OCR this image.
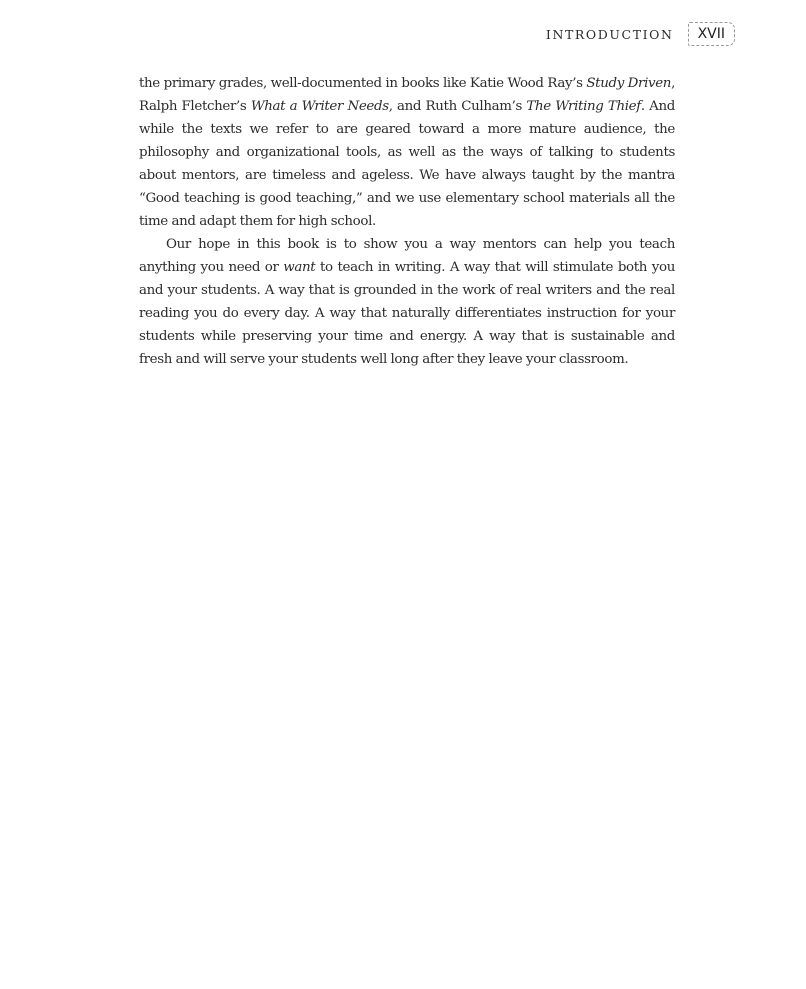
INTRODUCTION	XVII

the primary grades, well-documented in books like Katie Wood Ray’s Study Driven, Ralph Fletcher’s What a Writer Needs, and Ruth Culham’s The Writing Thief. And while the texts we refer to are geared toward a more mature audience, the philosophy and organizational tools, as well as the ways of talking to students about mentors, are timeless and ageless. We have always taught by the mantra “Good teaching is good teaching,” and we use elementary school materials all the time and adapt them for high school.

Our hope in this book is to show you a way mentors can help you teach anything you need or want to teach in writing. A way that will stimulate both you and your students. A way that is grounded in the work of real writers and the real reading you do every day. A way that naturally differentiates instruction for your students while preserving your time and energy. A way that is sustainable and fresh and will serve your students well long after they leave your classroom.
